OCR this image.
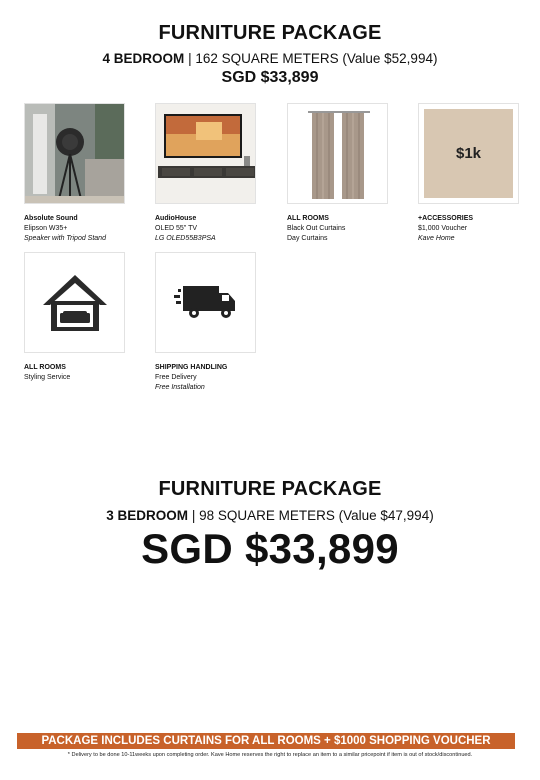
FURNITURE PACKAGE
4 BEDROOM | 162 SQUARE METERS (Value $52,994)
SGD $33,899
Absolute Sound
Elipson W35+
Speaker with Tripod Stand
AudioHouse
OLED 55" TV
LG OLED55B3PSA
ALL ROOMS
Black Out Curtains
Day Curtains
$1k
+ACCESSORIES
$1,000 Voucher
Kave Home
ALL ROOMS
Styling Service
SHIPPING HANDLING
Free Delivery
Free Installation
FURNITURE PACKAGE
3 BEDROOM | 98 SQUARE METERS (Value $47,994)
SGD $33,899
PACKAGE INCLUDES CURTAINS FOR ALL ROOMS + $1000 SHOPPING VOUCHER
* Delivery to be done 10-11weeks upon completing order. Kave Home reserves the right to replace an item to a similar pricepoint if item is out of stock/discontinued.
